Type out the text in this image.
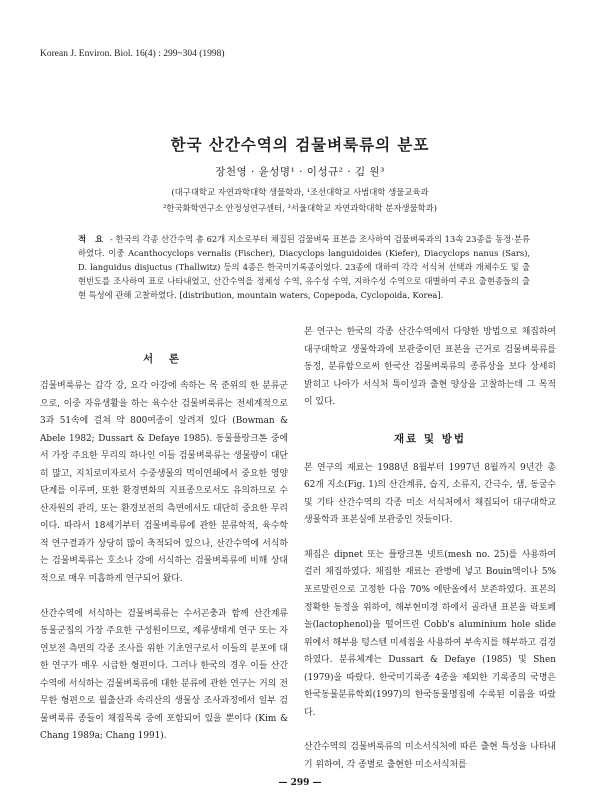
Korean J. Environ. Biol. 16(4) : 299~304 (1998)
한국 산간수역의 검물벼룩류의 분포
장천영 · 윤성명¹ · 이성규² · 김 원³
(대구대학교 자연과학대학 생물학과, ¹조선대학교 사범대학 생물교육과
²한국화학연구소 안정성연구센터, ³서울대학교 자연과학대학 분자생물학과)
적 요 - 한국의 각종 산간수역 총 62개 지소로부터 채집된 검물벼룩 표본을 조사하여 검물벼룩과의 13속 23종을 동정·분류하였다. 이중 Acanthocyclops vernalis (Fischer), Diacyclops languidoides (Kiefer), Diacyclops nanus (Sars), D. languidus disjuctus (Thallwitz) 등의 4종은 한국미기록종이었다. 23종에 대하여 각각 서식처 선택과 개체수도 및 출현빈도를 조사하여 표로 나타내었고, 산간수역을 정체성 수역, 유수성 수역, 지하수성 수역으로 대별하여 주요 출현종들의 출현 특성에 관해 고찰하였다. [distribution, mountain waters, Copepoda, Cyclopoida, Korea].
서 론

검물벼룩류는 갑각 강, 요각 아강에 속하는 목 준위의 한 분류군으로, 이중 자유생활을 하는 육수산 검물벼룩류는 전세계적으로 3과 51속에 걸쳐 약 800여종이 알려져 있다 (Bowman & Abele 1982; Dussart & Defaye 1985). 동물플랑크톤 중에서 가장 주요한 무리의 하나인 이들 검물벼룩류는 생물량이 대단히 많고, 지치로미자로서 수중생물의 먹이연쇄에서 중요한 영양 단계를 이루며, 또한 환경변화의 지표종으로서도 유의하므로 수산자원의 관리, 또는 환경보전의 측면에서도 대단히 중요한 무리이다. 따라서 18세기부터 검물벼룩류에 관한 분류학적, 육수학적 연구결과가 상당히 많이 축적되어 있으나, 산간수역에 서식하는 검물벼룩류는 호소나 강에 서식하는 검물벼룩류에 비해 상대적으로 매우 미흡하게 연구되어 왔다.

산간수역에 서식하는 검물벼룩류는 수서곤충과 함께 산간계류 동물군집의 가장 주요한 구성원이므로, 계류생태계 연구 또는 자연보전 측면의 각종 조사를 위한 기초연구로서 이들의 분포에 대한 연구가 매우 시급한 형편이다. 그러나 한국의 경우 이들 산간수역에 서식하는 검물벼룩류에 대한 분류에 관한 연구는 거의 전무한 형편으로 월출산과 속리산의 생물상 조사과정에서 일부 검물벼룩류 종들이 채집목록 중에 포함되어 있을 뿐이다 (Kim & Chang 1989a; Chang 1991).

본 연구는 한국의 각종 산간수역에서 다양한 방법으로 채집하여 대구대학교 생물학과에 보관중이던 표본을 근거로 검물벼룩류를 동정, 분류함으로써 한국산 검물벼룩류의 종류상을 보다 상세히 밝히고 나아가 서식처 특이성과 출현 양상을 고찰하는데 그 목적이 있다.

재료 및 방법

본 연구의 재료는 1988년 8월부터 1997년 8월까지 9년간 총 62개 지소(Fig. 1)의 산간계류, 습지, 소류지, 간극수, 샘, 동굴수 및 기타 산간수역의 각종 미소 서식처에서 채집되어 대구대학교 생물학과 표본실에 보관중인 것들이다.

채집은 dipnet 또는 플랑크톤 넷트(mesh no. 25)를 사용하여 걸러 채집하였다. 채집한 재료는 관병에 넣고 Bouin액이나 5% 포르말린으로 고정한 다음 70% 에탄올에서 보존하였다. 표본의 정확한 동정을 위하여, 해부현미경 하에서 골라낸 표본을 락토페놀(lactophenol)을 떨어뜨린 Cobb's aluminium hole slide 위에서 해부용 텅스텐 미세침을 사용하여 부속지를 해부하고 검경하였다. 분류체계는 Dussart & Defaye (1985) 및 Shen (1979)을 따랐다. 한국미기록종 4종을 제외한 기록종의 국명은 한국동물분류학회(1997)의 한국동물명집에 수록된 이름을 따랐다.

산간수역의 검물벼룩류의 미소서식처에 따른 출현 특성을 나타내기 위하여, 각 종별로 출현한 미소서식처를

— 299 —
